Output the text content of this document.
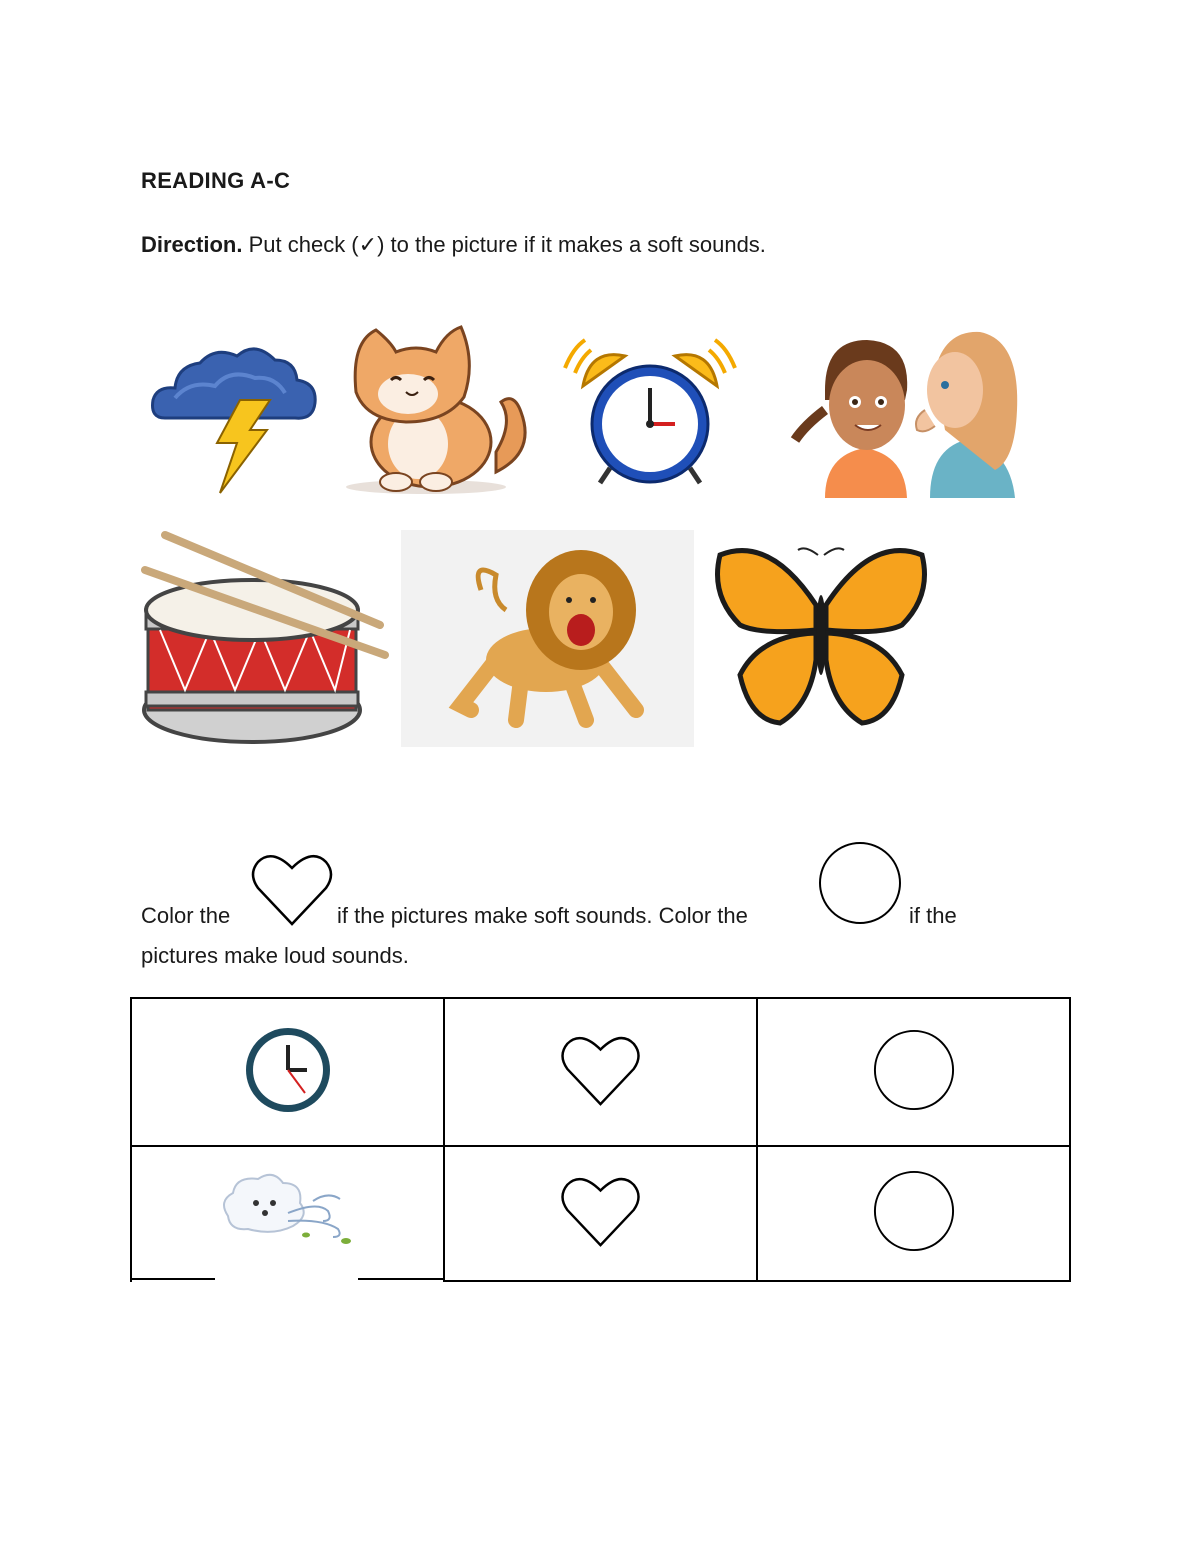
READING A-C
Direction. Put check (✓) to the picture if it makes a soft sounds.
Color the	if the pictures make soft sounds. Color the	if the
pictures make loud sounds.
